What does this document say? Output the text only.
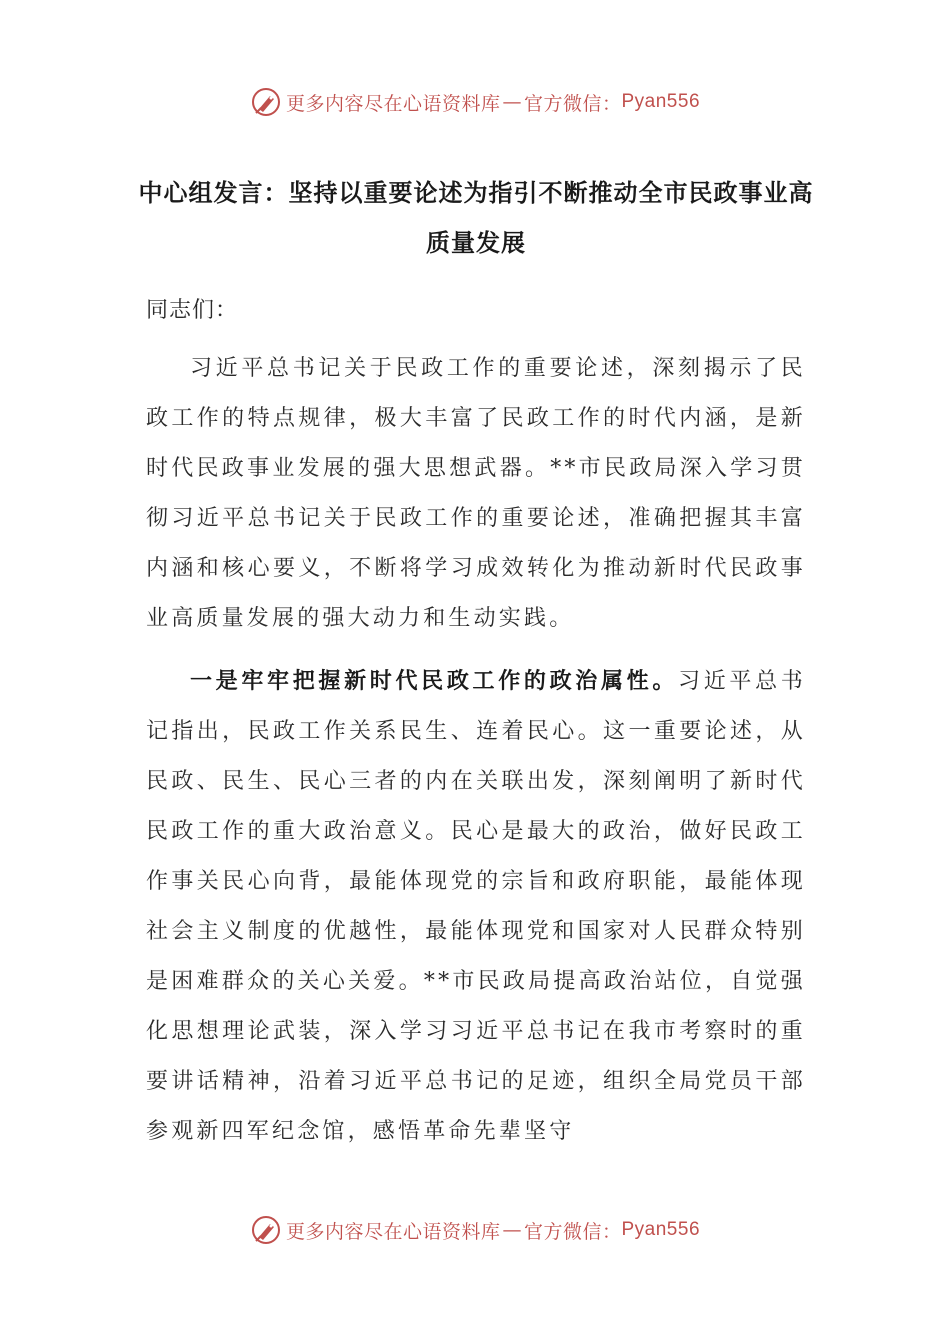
更多内容尽在心语资料库 — 官方微信： Pyan556
中心组发言：坚持以重要论述为指引不断推动全市民政事业高质量发展
同志们：

习近平总书记关于民政工作的重要论述，深刻揭示了民政工作的特点规律，极大丰富了民政工作的时代内涵，是新时代民政事业发展的强大思想武器。**市民政局深入学习贯彻习近平总书记关于民政工作的重要论述，准确把握其丰富内涵和核心要义，不断将学习成效转化为推动新时代民政事业高质量发展的强大动力和生动实践。

一是牢牢把握新时代民政工作的政治属性。习近平总书记指出，民政工作关系民生、连着民心。这一重要论述，从民政、民生、民心三者的内在关联出发，深刻阐明了新时代民政工作的重大政治意义。民心是最大的政治，做好民政工作事关民心向背，最能体现党的宗旨和政府职能，最能体现社会主义制度的优越性，最能体现党和国家对人民群众特别是困难群众的关心关爱。**市民政局提高政治站位，自觉强化思想理论武装，深入学习习近平总书记在我市考察时的重要讲话精神，沿着习近平总书记的足迹，组织全局党员干部参观新四军纪念馆，感悟革命先辈坚守

更多内容尽在心语资料库 — 官方微信： Pyan556
